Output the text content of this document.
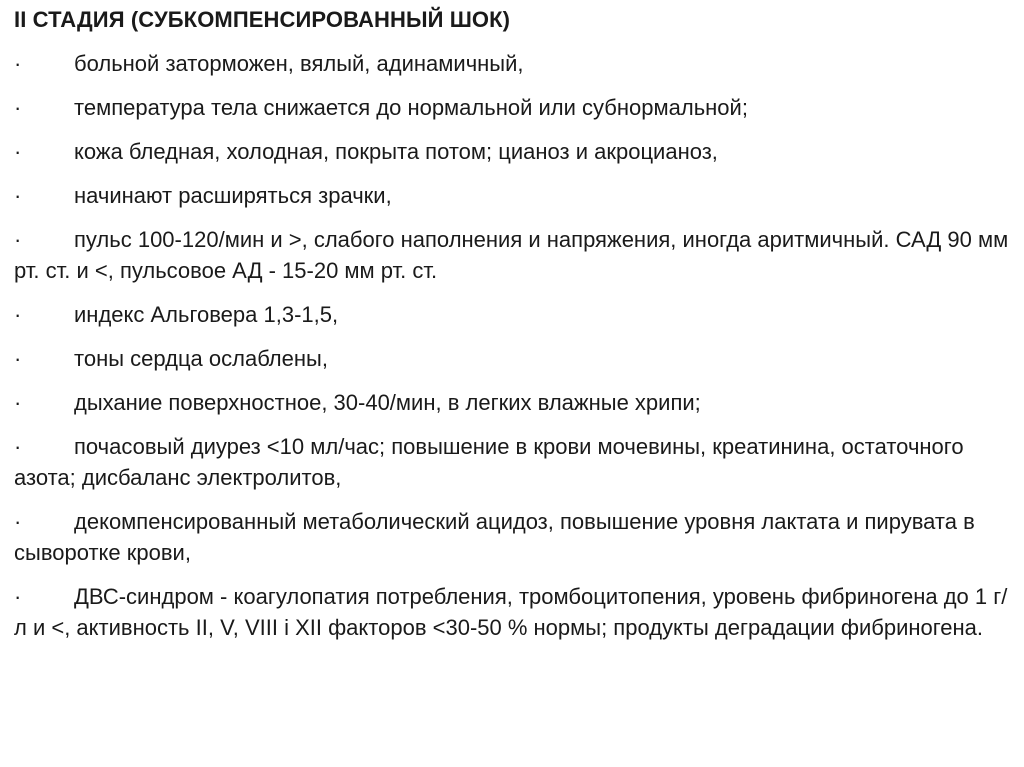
II СТАДИЯ (СУБКОМПЕНСИРОВАННЫЙ ШОК)
· больной заторможен, вялый, адинамичный,
· температура тела снижается до нормальной или субнормальной;
· кожа бледная, холодная, покрыта потом; цианоз и акроцианоз,
· начинают расширяться зрачки,
· пульс 100-120/мин и >, слабого наполнения и напряжения, иногда аритмичный. САД 90 мм рт. ст. и <, пульсовое АД - 15-20 мм рт. ст.
· индекс Альговера 1,3-1,5,
· тоны сердца ослаблены,
· дыхание поверхностное, 30-40/мин, в легких влажные хрипи;
· почасовый диурез <10 мл/час; повышение в крови мочевины, креатинина, остаточного азота; дисбаланс электролитов,
· декомпенсированный метаболический ацидоз, повышение уровня лактата и пирувата в сыворотке крови,
· ДВС-синдром - коагулопатия потребления, тромбоцитопения, уровень фибриногена до 1 г/л и <, активность II, V, VIII і XII факторов <30-50 % нормы; продукты деградации фибриногена.
